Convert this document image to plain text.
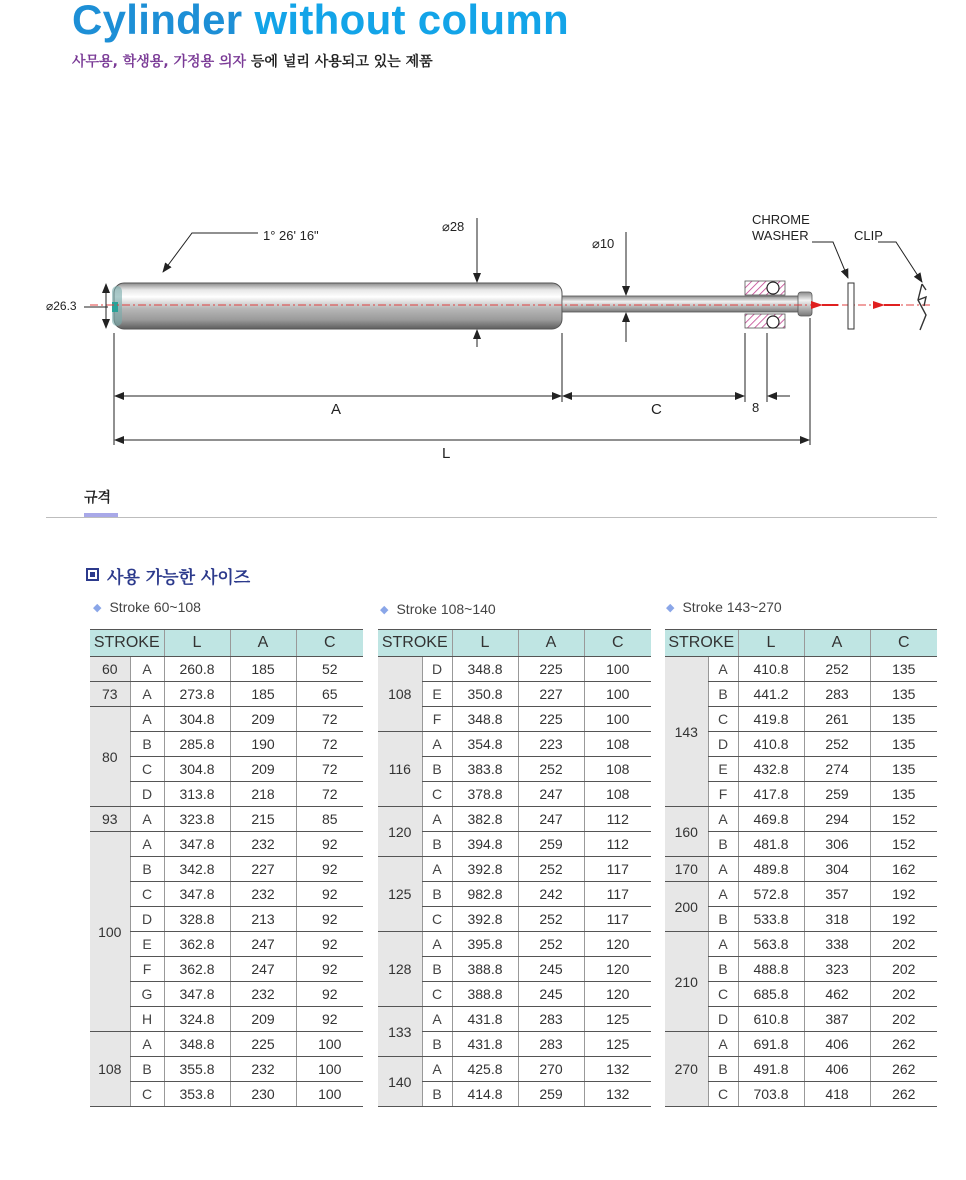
Cylinder without column
사무용, 학생용, 가정용 의자 등에 널리 사용되고 있는 제품
1° 26' 16"
⌀28
⌀10
⌀26.3
CHROME
WASHER	CLIP
A	C	8
L
규격
사용 가능한 사이즈
◆ Stroke 60~108	◆ Stroke 108~140	◆ Stroke 143~270
STROKE		L	A	C
60	A	260.8	185	52
73	A	273.8	185	65
80	A	304.8	209	72
	B	285.8	190	72
	C	304.8	209	72
	D	313.8	218	72
93	A	323.8	215	85
100	A	347.8	232	92
	B	342.8	227	92
	C	347.8	232	92
	D	328.8	213	92
	E	362.8	247	92
	F	362.8	247	92
	G	347.8	232	92
	H	324.8	209	92
108	A	348.8	225	100
	B	355.8	232	100
	C	353.8	230	100
STROKE		L	A	C
108	D	348.8	225	100
	E	350.8	227	100
	F	348.8	225	100
116	A	354.8	223	108
	B	383.8	252	108
	C	378.8	247	108
120	A	382.8	247	112
	B	394.8	259	112
125	A	392.8	252	117
	B	982.8	242	117
	C	392.8	252	117
128	A	395.8	252	120
	B	388.8	245	120
	C	388.8	245	120
133	A	431.8	283	125
	B	431.8	283	125
140	A	425.8	270	132
	B	414.8	259	132
STROKE		L	A	C
143	A	410.8	252	135
	B	441.2	283	135
	C	419.8	261	135
	D	410.8	252	135
	E	432.8	274	135
	F	417.8	259	135
160	A	469.8	294	152
	B	481.8	306	152
170	A	489.8	304	162
200	A	572.8	357	192
	B	533.8	318	192
210	A	563.8	338	202
	B	488.8	323	202
	C	685.8	462	202
	D	610.8	387	202
270	A	691.8	406	262
	B	491.8	406	262
	C	703.8	418	262
